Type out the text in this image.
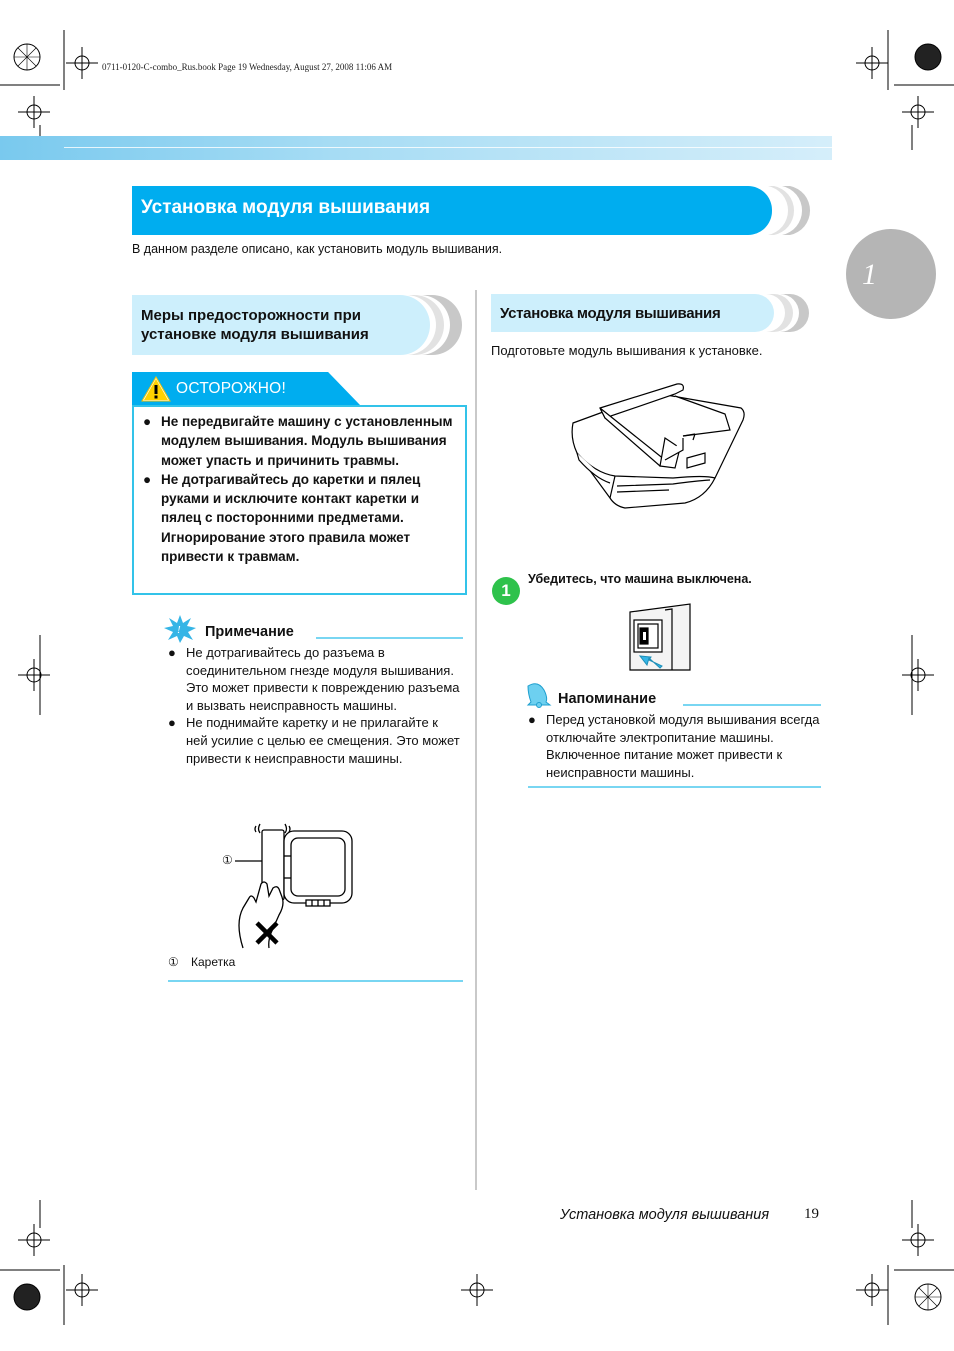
0711-0120-C-combo_Rus.book Page 19 Wednesday, August 27, 2008 11:06 AM
1
Установка модуля вышивания
В данном разделе описано, как установить модуль вышивания.
Меры предосторожности при
установке модуля вышивания
ОСТОРОЖНО!
● Не передвигайте машину с установленным модулем вышивания. Модуль вышивания может упасть и причинить травмы.
● Не дотрагивайтесь до каретки и пялец руками и исключите контакт каретки и пялец с посторонними предметами. Игнорирование этого правила может привести к травмам.
! Примечание
● Не дотрагивайтесь до разъема в соединительном гнезде модуля вышивания. Это может привести к повреждению разъема и вызвать неисправность машины.
● Не поднимайте каретку и не прилагайте к ней усилие с целью ее смещения. Это может привести к неисправности машины.
①
① Каретка
Установка модуля вышивания
Подготовьте модуль вышивания к установке.
1
Убедитесь, что машина выключена.
Напоминание
● Перед установкой модуля вышивания всегда отключайте электропитание машины. Включенное питание может привести к неисправности машины.
Установка модуля вышивания 19
